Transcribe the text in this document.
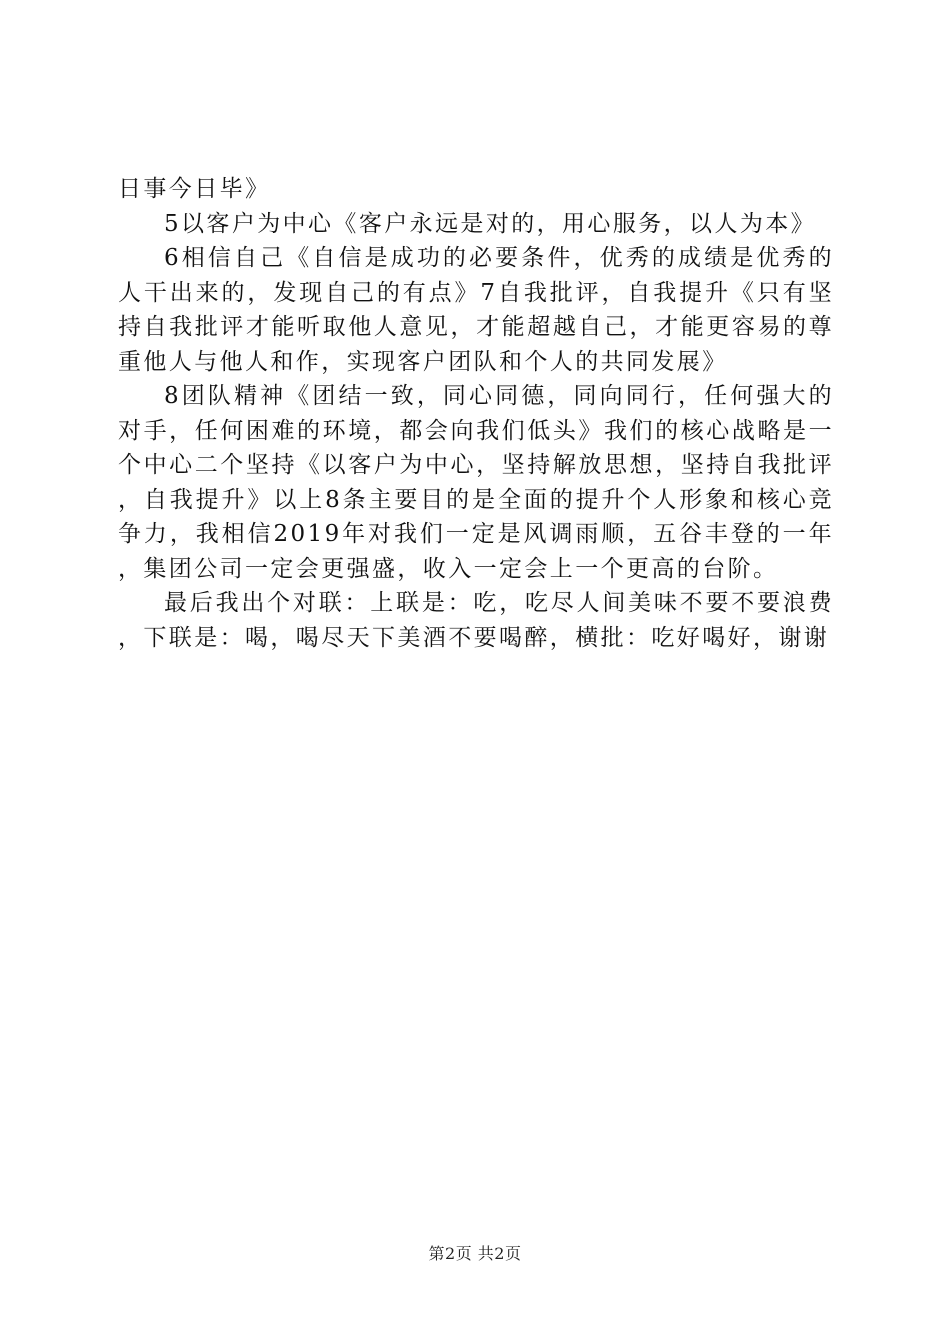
日事今日毕》

5以客户为中心《客户永远是对的，用心服务，以人为本》

6相信自己《自信是成功的必要条件，优秀的成绩是优秀的人干出来的，发现自己的有点》7自我批评，自我提升《只有坚持自我批评才能听取他人意见，才能超越自己，才能更容易的尊重他人与他人和作，实现客户团队和个人的共同发展》

8团队精神《团结一致，同心同德，同向同行，任何强大的对手，任何困难的环境，都会向我们低头》我们的核心战略是一个中心二个坚持《以客户为中心，坚持解放思想，坚持自我批评，自我提升》以上8条主要目的是全面的提升个人形象和核心竞争力，我相信2019年对我们一定是风调雨顺，五谷丰登的一年，集团公司一定会更强盛，收入一定会上一个更高的台阶。

最后我出个对联：上联是：吃，吃尽人间美味不要不要浪费，下联是：喝，喝尽天下美酒不要喝醉，横批：吃好喝好，谢谢

第2页 共2页
